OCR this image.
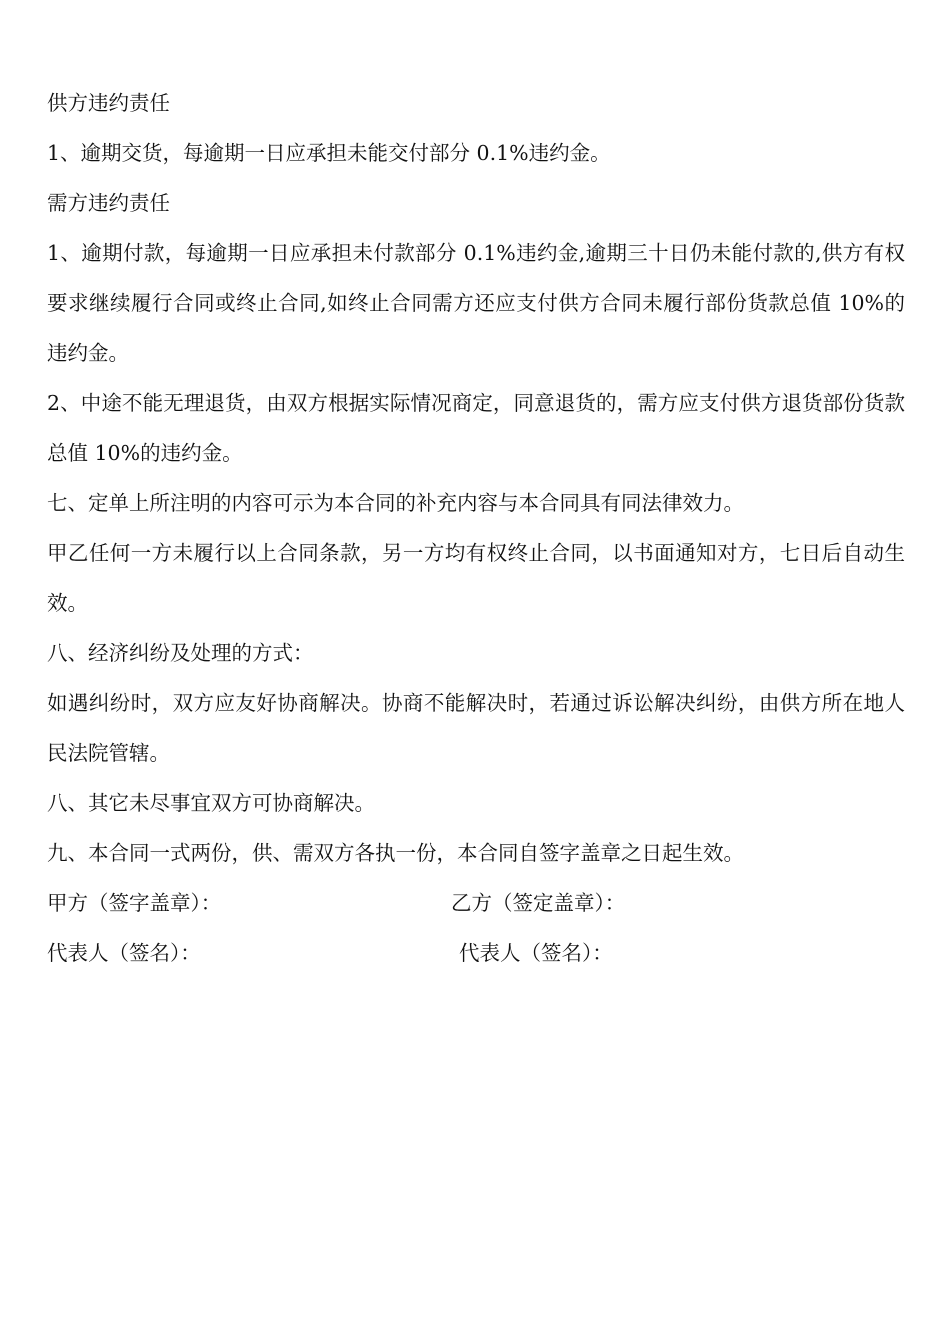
供方违约责任

1、逾期交货，每逾期一日应承担未能交付部分 0.1%违约金。

需方违约责任

1、逾期付款，每逾期一日应承担未付款部分 0.1%违约金,逾期三十日仍未能付款的,供方有权要求继续履行合同或终止合同,如终止合同需方还应支付供方合同未履行部份货款总值 10%的违约金。

2、中途不能无理退货，由双方根据实际情况商定，同意退货的，需方应支付供方退货部份货款总值 10%的违约金。

七、定单上所注明的内容可示为本合同的补充内容与本合同具有同法律效力。

甲乙任何一方未履行以上合同条款，另一方均有权终止合同，以书面通知对方，七日后自动生效。

八、经济纠纷及处理的方式：

如遇纠纷时，双方应友好协商解决。协商不能解决时，若通过诉讼解决纠纷，由供方所在地人民法院管辖。

八、其它未尽事宜双方可协商解决。

九、本合同一式两份，供、需双方各执一份，本合同自签字盖章之日起生效。

甲方（签字盖章）：	乙方（签定盖章）：
代表人（签名）：	代表人（签名）：
